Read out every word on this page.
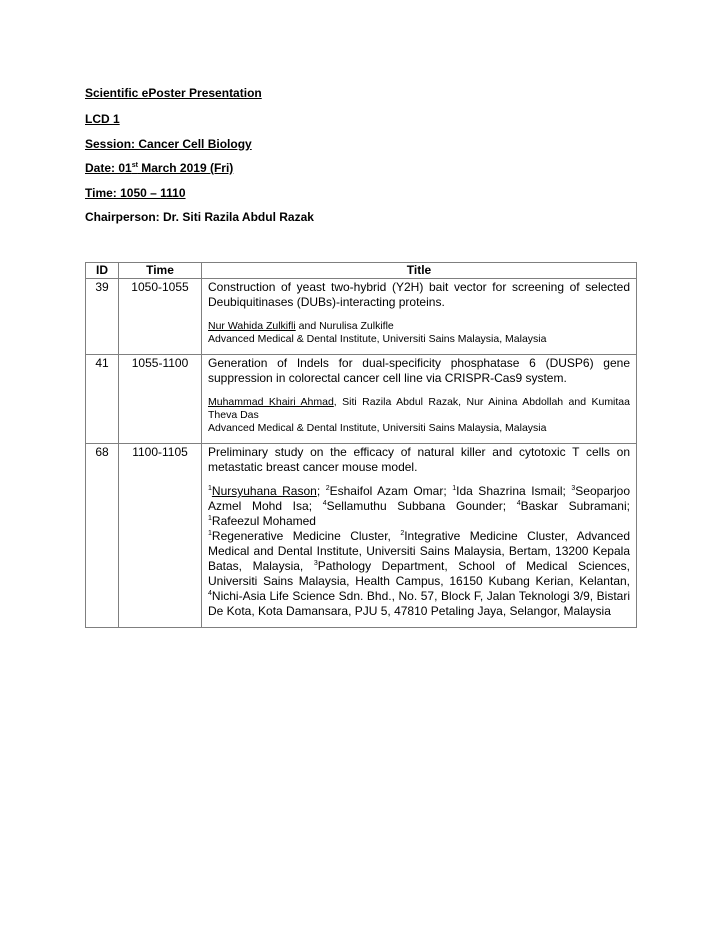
Scientific ePoster Presentation
LCD 1
Session: Cancer Cell Biology
Date: 01st March 2019 (Fri)
Time: 1050 – 1110
Chairperson: Dr. Siti Razila Abdul Razak
ID	Time	Title
39	1050-1055	Construction of yeast two-hybrid (Y2H) bait vector for screening of selected Deubiquitinases (DUBs)-interacting proteins.

Nur Wahida Zulkifli and Nurulisa Zulkifle
Advanced Medical & Dental Institute, Universiti Sains Malaysia, Malaysia

41	1055-1100	Generation of Indels for dual-specificity phosphatase 6 (DUSP6) gene suppression in colorectal cancer cell line via CRISPR-Cas9 system.

Muhammad Khairi Ahmad, Siti Razila Abdul Razak, Nur Ainina Abdollah and Kumitaa Theva Das
Advanced Medical & Dental Institute, Universiti Sains Malaysia, Malaysia

68	1100-1105	Preliminary study on the efficacy of natural killer and cytotoxic T cells on metastatic breast cancer mouse model.

$^1$Nursyuhana Rason; $^2$Eshaifol Azam Omar; $^1$Ida Shazrina Ismail; $^3$Seoparjoo Azmel Mohd Isa; $^4$Sellamuthu Subbana Gounder; $^4$Baskar Subramani; $^1$Rafeezul Mohamed
$^1$Regenerative Medicine Cluster, $^2$Integrative Medicine Cluster, Advanced Medical and Dental Institute, Universiti Sains Malaysia, Bertam, 13200 Kepala Batas, Malaysia, $^3$Pathology Department, School of Medical Sciences, Universiti Sains Malaysia, Health Campus, 16150 Kubang Kerian, Kelantan, $^4$Nichi-Asia Life Science Sdn. Bhd., No. 57, Block F, Jalan Teknologi 3/9, Bistari De Kota, Kota Damansara, PJU 5, 47810 Petaling Jaya, Selangor, Malaysia
